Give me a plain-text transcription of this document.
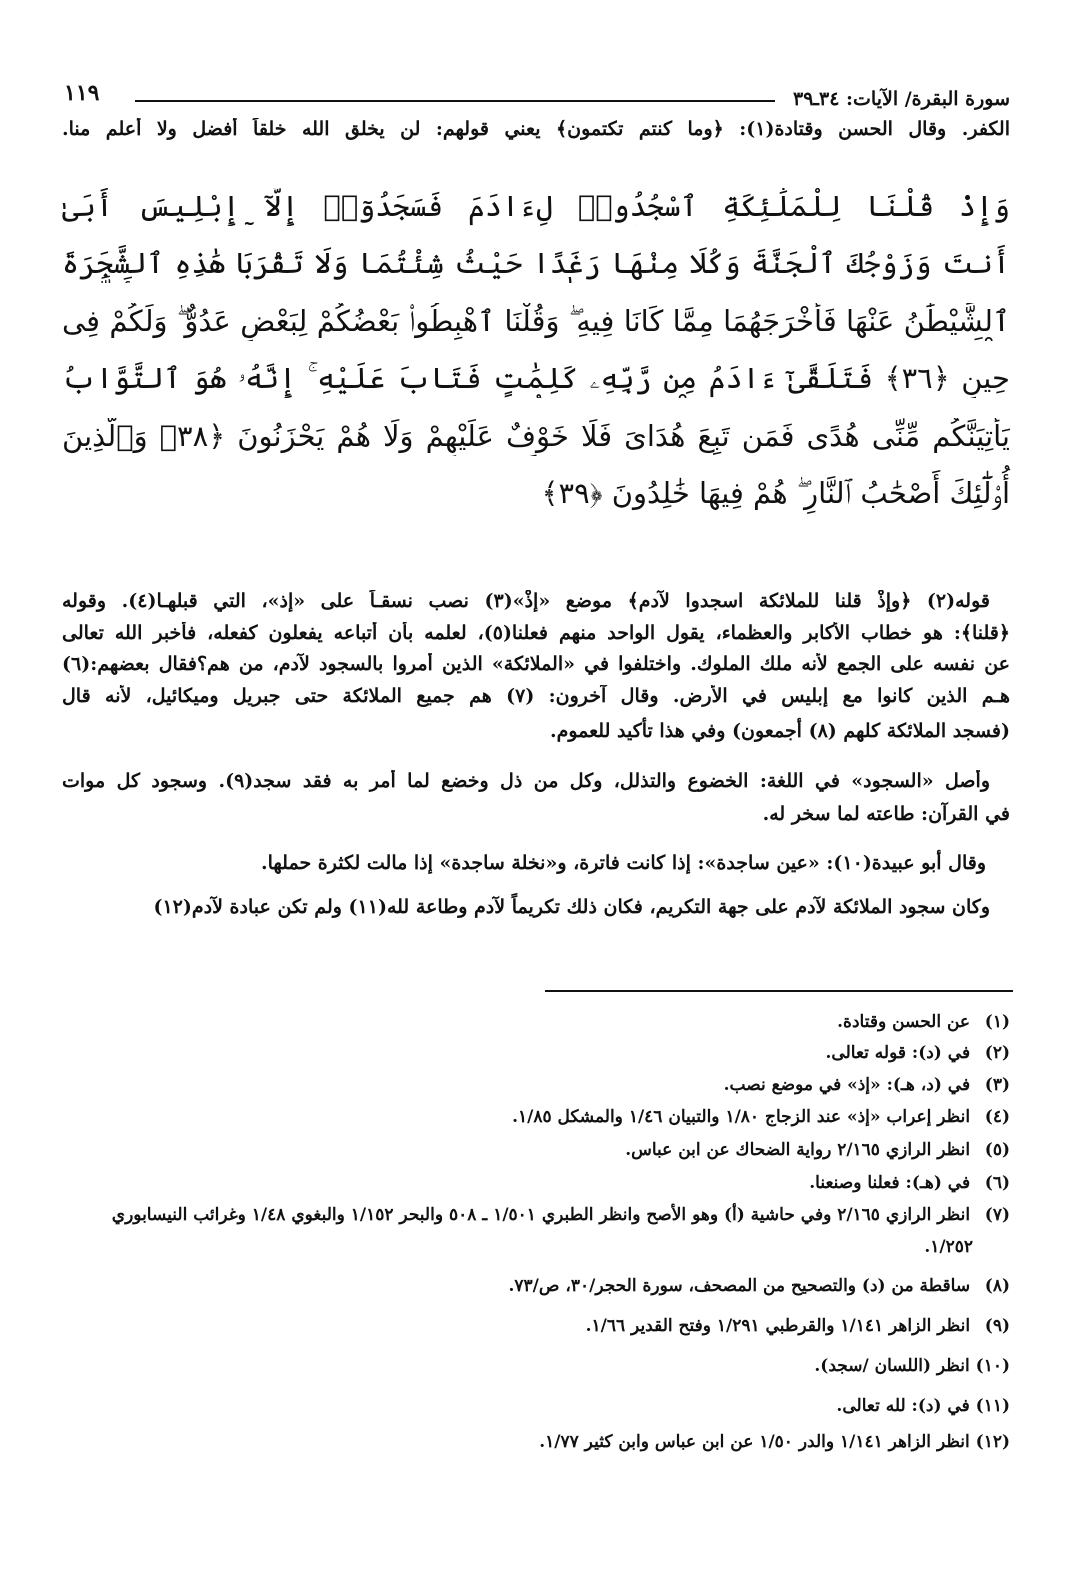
١١٩	سورة البقرة/ الآيات: ٣٤ـ٣٩
الكفر. وقال الحسن وقتادة(١): ﴿وما كنتم تكتمون﴾ يعني قولهم: لن يخلق الله خلقاً أفضل ولا أعلم منا.
وَإِذْ قُلْنَا لِلْمَلَٰٓئِكَةِ ٱسْجُدُوا۟ لِءَادَمَ فَسَجَدُوٓا۟ إِلَّآ إِبْلِيسَ أَبَىٰ
أَنتَ وَزَوْجُكَ ٱلْجَنَّةَ وَكُلَا مِنْهَا رَغَدًا حَيْثُ شِئْتُمَا وَلَا تَقْرَبَا هَٰذِهِ ٱلشَّجَرَةَ
ٱلشَّيْطَٰنُ عَنْهَا فَأَخْرَجَهُمَا مِمَّا كَانَا فِيهِ ۖ وَقُلْنَا ٱهْبِطُوا۟ بَعْضُكُمْ لِبَعْضٍ عَدُوٌّ ۖ وَلَكُمْ فِى
حِينٍ ﴿٣٦﴾ فَتَلَقَّىٰٓ ءَادَمُ مِن رَّبِّهِۦ كَلِمَٰتٍ فَتَابَ عَلَيْهِ ۚ إِنَّهُۥ هُوَ ٱلتَّوَّابُ
يَأْتِيَنَّكُم مِّنِّى هُدًى فَمَن تَبِعَ هُدَاىَ فَلَا خَوْفٌ عَلَيْهِمْ وَلَا هُمْ يَحْزَنُونَ ﴿٣٨﴾ وَٱلَّذِينَ
أُو۟لَٰٓئِكَ أَصْحَٰبُ ٱلنَّارِ ۖ هُمْ فِيهَا خَٰلِدُونَ ﴿٣٩﴾
قوله(٢) ﴿وإذْ قلنا للملائكة اسجدوا لآدم﴾ موضع «إذْ»(٣) نصب نسقـاً على «إذ»، التي قبلهـا(٤). وقوله
﴿قلنا﴾: هو خطاب الأكابر والعظماء، يقول الواحد منهم فعلنا(٥)، لعلمه بأن أتباعه يفعلون كفعله، فأخبر الله تعالى
عن نفسه على الجمع لأنه ملك الملوك. واختلفوا في «الملائكة» الذين أمروا بالسجود لآدم، من هم؟فقال بعضهم:(٦)
هـم الذين كانوا مع إبليس في الأرض. وقال آخرون: (٧) هم جميع الملائكة حتى جبريل وميكائيل، لأنه قال
(فسجد الملائكة كلهم (٨) أجمعون) وفي هذا تأكيد للعموم.
وأصل «السجود» في اللغة: الخضوع والتذلل، وكل من ذل وخضع لما أمر به فقد سجد(٩). وسجود كل موات
في القرآن: طاعته لما سخر له.
وقال أبو عبيدة(١٠): «عين ساجدة»: إذا كانت فاترة، و«نخلة ساجدة» إذا مالت لكثرة حملها.
وكان سجود الملائكة لآدم على جهة التكريم، فكان ذلك تكريماً لآدم وطاعة لله(١١) ولم تكن عبادة لآدم(١٢)
(١) عن الحسن وقتادة.
(٢) في (د): قوله تعالى.
(٣) في (د، هـ): «إذ» في موضع نصب.
(٤) انظر إعراب «إذ» عند الزجاج ١/٨٠ والتبيان ١/٤٦ والمشكل ١/٨٥.
(٥) انظر الرازي ٢/١٦٥ رواية الضحاك عن ابن عباس.
(٦) في (هـ): فعلنا وصنعنا.
(٧) انظر الرازي ٢/١٦٥ وفي حاشية (أ) وهو الأصح وانظر الطبري ١/٥٠١ ـ ٥٠٨ والبحر ١/١٥٢ والبغوي ١/٤٨ وغرائب النيسابوري
١/٢٥٢.
(٨) ساقطة من (د) والتصحيح من المصحف، سورة الحجر/٣٠، ص/٧٣.
(٩) انظر الزاهر ١/١٤١ والقرطبي ١/٢٩١ وفتح القدير ١/٦٦.
(١٠) انظر (اللسان /سجد).
(١١) في (د): لله تعالى.
(١٢) انظر الزاهر ١/١٤١ والدر ١/٥٠ عن ابن عباس وابن كثير ١/٧٧.
